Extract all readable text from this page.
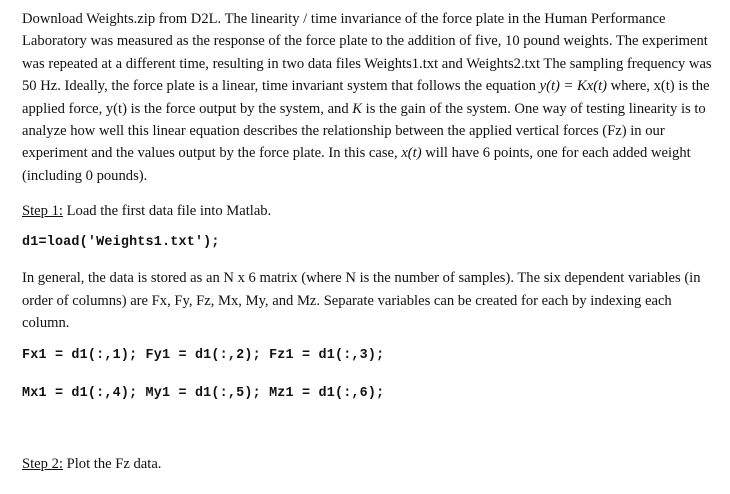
Download Weights.zip from D2L. The linearity / time invariance of the force plate in the Human Performance Laboratory was measured as the response of the force plate to the addition of five, 10 pound weights. The experiment was repeated at a different time, resulting in two data files Weights1.txt and Weights2.txt The sampling frequency was 50 Hz. Ideally, the force plate is a linear, time invariant system that follows the equation y(t) = Kx(t) where, x(t) is the applied force, y(t) is the force output by the system, and K is the gain of the system. One way of testing linearity is to analyze how well this linear equation describes the relationship between the applied vertical forces (Fz) in our experiment and the values output by the force plate. In this case, x(t) will have 6 points, one for each added weight (including 0 pounds).

Step 1: Load the first data file into Matlab.

d1=load('Weights1.txt');

In general, the data is stored as an N x 6 matrix (where N is the number of samples). The six dependent variables (in order of columns) are Fx, Fy, Fz, Mx, My, and Mz. Separate variables can be created for each by indexing each column.

Fx1 = d1(:,1); Fy1 = d1(:,2); Fz1 = d1(:,3);

Mx1 = d1(:,4); My1 = d1(:,5); Mz1 = d1(:,6);

Step 2: Plot the Fz data.
